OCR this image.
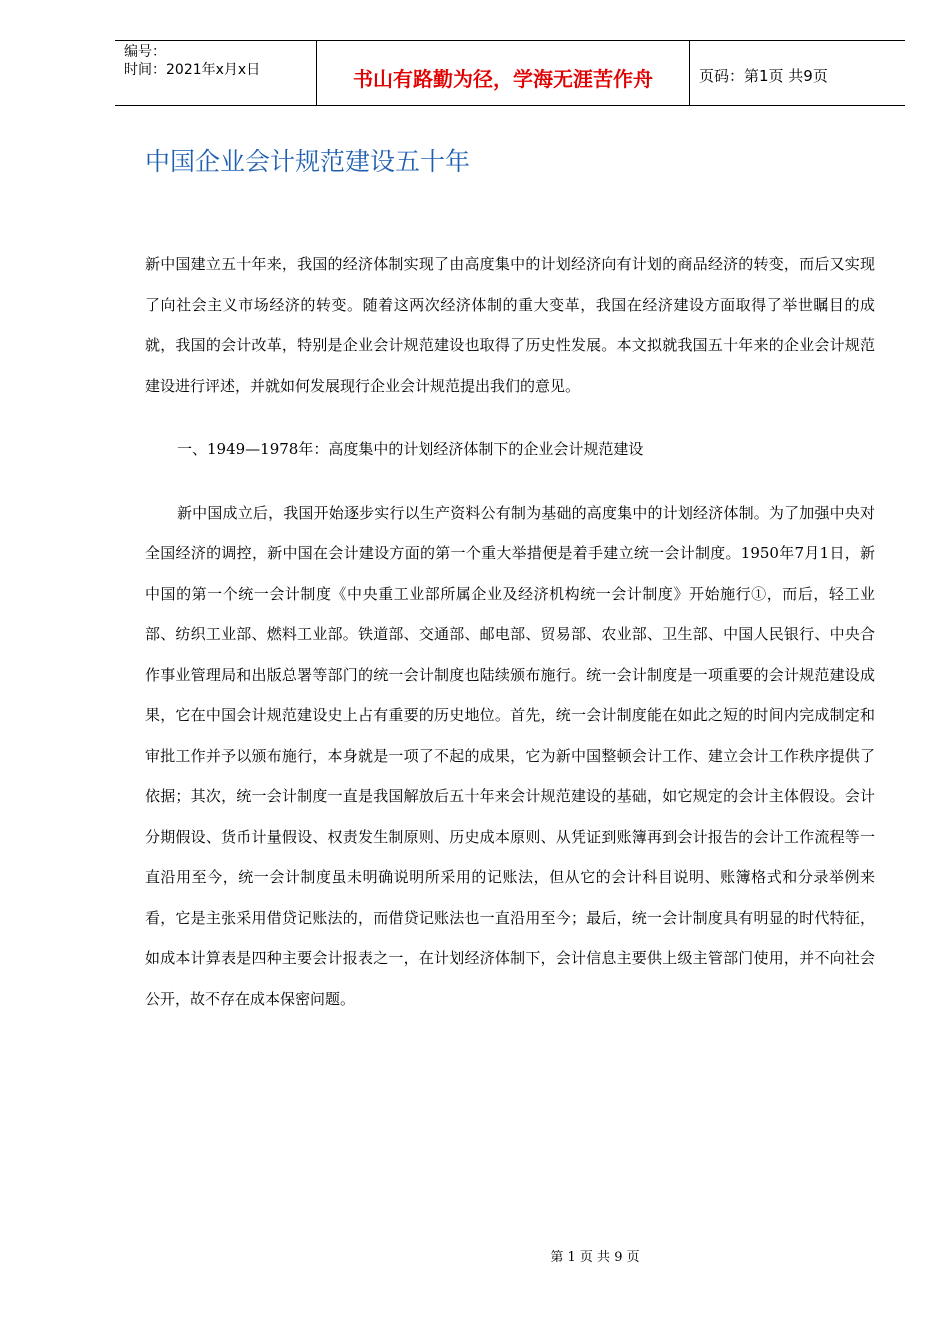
编号：
时间：2021年x月x日	书山有路勤为径，学海无涯苦作舟	页码：第1页 共9页
中国企业会计规范建设五十年

新中国建立五十年来，我国的经济体制实现了由高度集中的计划经济向有计划的商品经济的转变，而后又实现了向社会主义市场经济的转变。随着这两次经济体制的重大变革，我国在经济建设方面取得了举世瞩目的成就，我国的会计改革，特别是企业会计规范建设也取得了历史性发展。本文拟就我国五十年来的企业会计规范建设进行评述，并就如何发展现行企业会计规范提出我们的意见。

一、1949—1978年：高度集中的计划经济体制下的企业会计规范建设

新中国成立后，我国开始逐步实行以生产资料公有制为基础的高度集中的计划经济体制。为了加强中央对全国经济的调控，新中国在会计建设方面的第一个重大举措便是着手建立统一会计制度。1950年7月1日，新中国的第一个统一会计制度《中央重工业部所属企业及经济机构统一会计制度》开始施行①，而后，轻工业部、纺织工业部、燃料工业部。铁道部、交通部、邮电部、贸易部、农业部、卫生部、中国人民银行、中央合作事业管理局和出版总署等部门的统一会计制度也陆续颁布施行。统一会计制度是一项重要的会计规范建设成果，它在中国会计规范建设史上占有重要的历史地位。首先，统一会计制度能在如此之短的时间内完成制定和审批工作并予以颁布施行，本身就是一项了不起的成果，它为新中国整顿会计工作、建立会计工作秩序提供了依据；其次，统一会计制度一直是我国解放后五十年来会计规范建设的基础，如它规定的会计主体假设。会计分期假设、货币计量假设、权责发生制原则、历史成本原则、从凭证到账簿再到会计报告的会计工作流程等一直沿用至今，统一会计制度虽未明确说明所采用的记账法，但从它的会计科目说明、账簿格式和分录举例来看，它是主张采用借贷记账法的，而借贷记账法也一直沿用至今；最后，统一会计制度具有明显的时代特征，如成本计算表是四种主要会计报表之一，在计划经济体制下，会计信息主要供上级主管部门使用，并不向社会公开，故不存在成本保密问题。

第 1 页 共 9 页
